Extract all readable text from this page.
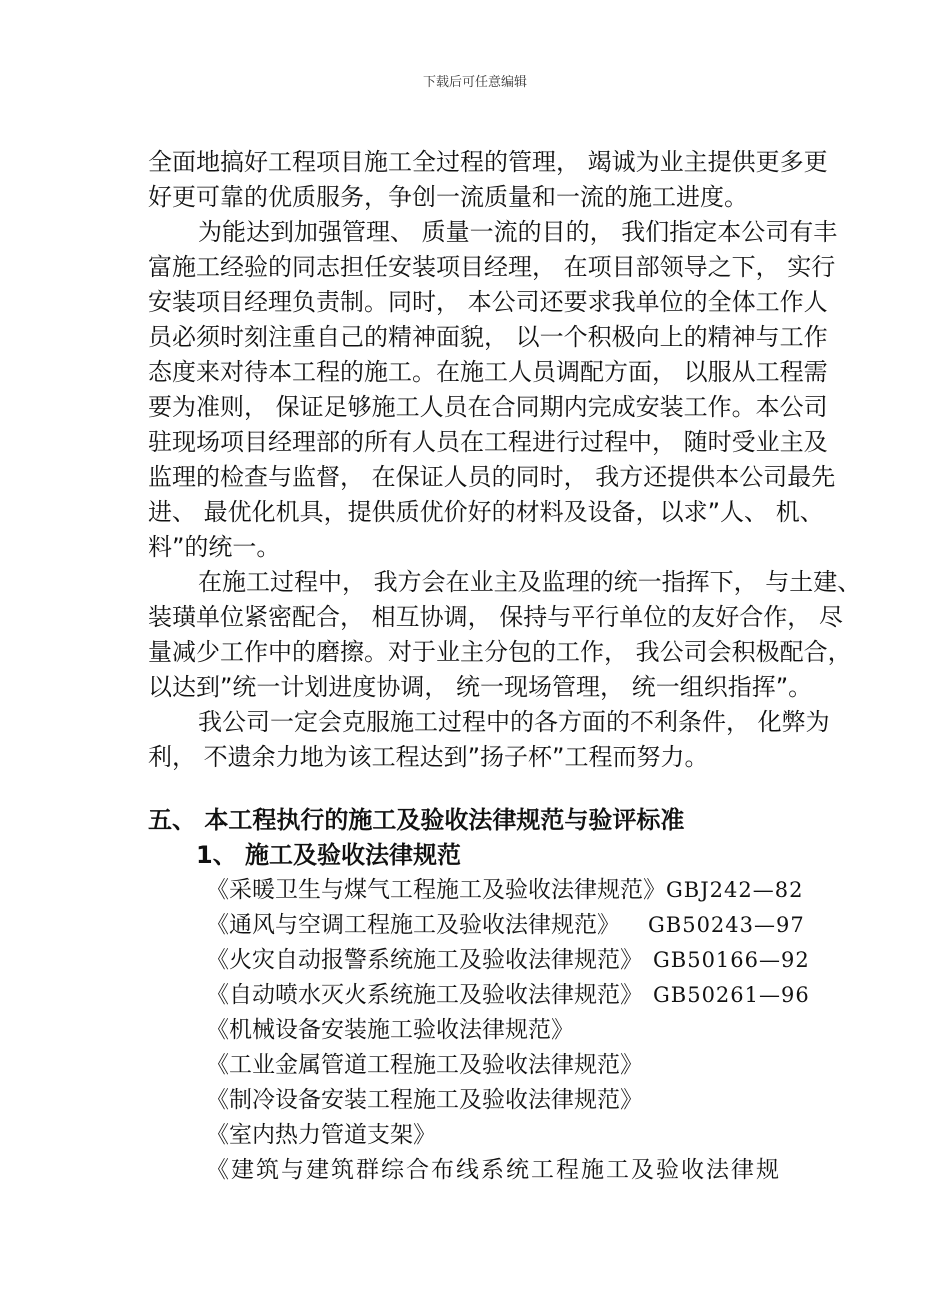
下载后可任意编辑

全面地搞好工程项目施工全过程的管理， 竭诚为业主提供更多更

好更可靠的优质服务，争创一流质量和一流的施工进度。

为能达到加强管理、 质量一流的目的， 我们指定本公司有丰

富施工经验的同志担任安装项目经理， 在项目部领导之下， 实行

安装项目经理负责制。同时， 本公司还要求我单位的全体工作人

员必须时刻注重自己的精神面貌， 以一个积极向上的精神与工作

态度来对待本工程的施工。在施工人员调配方面， 以服从工程需

要为准则， 保证足够施工人员在合同期内完成安装工作。本公司

驻现场项目经理部的所有人员在工程进行过程中， 随时受业主及

监理的检查与监督， 在保证人员的同时， 我方还提供本公司最先

进、 最优化机具，提供质优价好的材料及设备，以求”人、 机、

料”的统一。

在施工过程中， 我方会在业主及监理的统一指挥下， 与土建、

装璜单位紧密配合， 相互协调， 保持与平行单位的友好合作， 尽

量减少工作中的磨擦。对于业主分包的工作， 我公司会积极配合，

以达到”统一计划进度协调， 统一现场管理， 统一组织指挥”。

我公司一定会克服施工过程中的各方面的不利条件， 化弊为

利， 不遗余力地为该工程达到”扬子杯”工程而努力。

五、 本工程执行的施工及验收法律规范与验评标准
1、 施工及验收法律规范
《采暖卫生与煤气工程施工及验收法律规范》GBJ242—82
《通风与空调工程施工及验收法律规范》 GB50243—97
《火灾自动报警系统施工及验收法律规范》 GB50166—92
《自动喷水灭火系统施工及验收法律规范》 GB50261—96
《机械设备安装施工验收法律规范》
《工业金属管道工程施工及验收法律规范》
《制冷设备安装工程施工及验收法律规范》
《室内热力管道支架》
《建筑与建筑群综合布线系统工程施工及验收法律规
